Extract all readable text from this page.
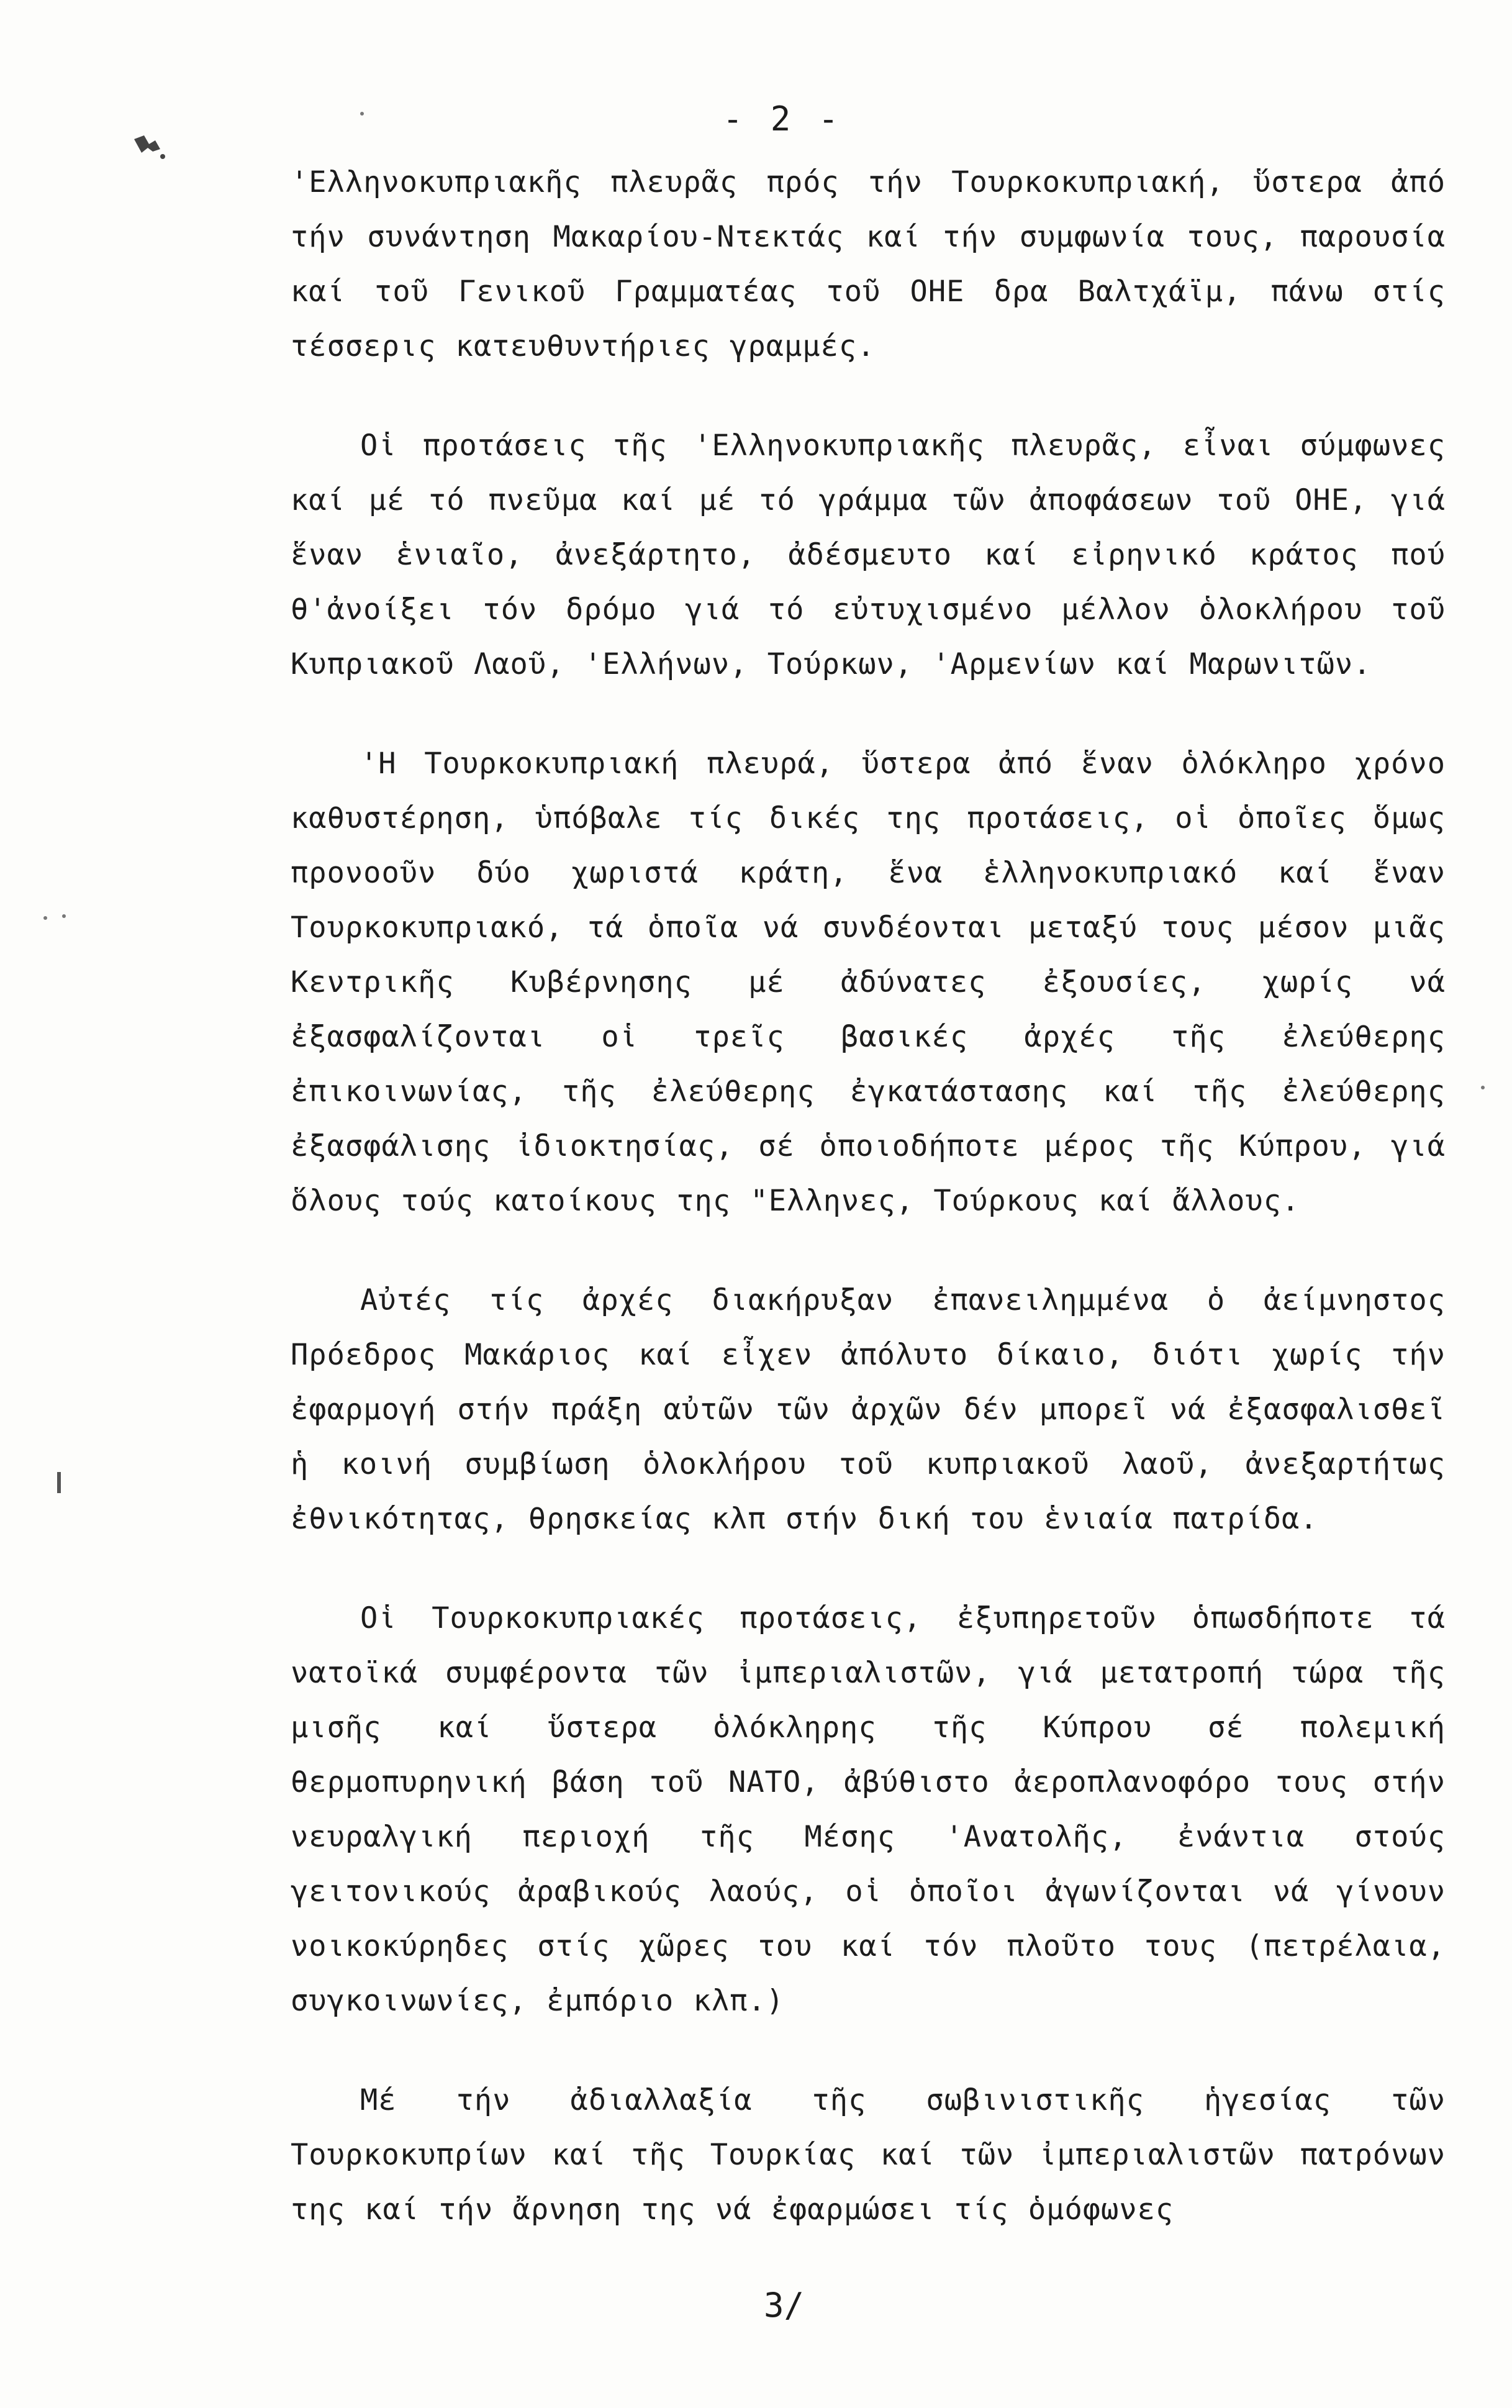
- 2 -

'Ελληνοκυπριακῆς πλευρᾶς πρός τήν Τουρκοκυπριακή, ὕστερα ἀπό τήν συνάντηση Μακαρίου-Ντεκτάς καί τήν συμφωνία τους, παρουσία καί τοῦ Γενικοῦ Γραμματέας τοῦ ΟΗΕ δρα Βαλτχάϊμ, πάνω στίς τέσσερις κατευθυντήριες γραμμές.

Οἱ προτάσεις τῆς 'Ελληνοκυπριακῆς πλευρᾶς, εἶναι σύμφωνες καί μέ τό πνεῦμα καί μέ τό γράμμα τῶν ἀποφάσεων τοῦ ΟΗΕ, γιά ἕναν ἑνιαῖο, ἀνεξάρτητο, ἀδέσμευτο καί εἰρηνικό κράτος πού θ'ἀνοίξει τόν δρόμο γιά τό εὐτυχισμένο μέλλον ὁλοκλήρου τοῦ Κυπριακοῦ Λαοῦ, 'Ελλήνων, Τούρκων, 'Αρμενίων καί Μαρωνιτῶν.

'Η Τουρκοκυπριακή πλευρά, ὕστερα ἀπό ἕναν ὁλόκληρο χρόνο καθυστέρηση, ὑπόβαλε τίς δικές της προτάσεις, οἱ ὁποῖες ὅμως προνοοῦν δύο χωριστά κράτη, ἕνα ἑλληνοκυπριακό καί ἕναν Τουρκοκυπριακό, τά ὁποῖα νά συνδέονται μεταξύ τους μέσον μιᾶς Κεντρικῆς Κυβέρνησης μέ ἀδύνατες ἐξουσίες, χωρίς νά ἐξασφαλίζονται οἱ τρεῖς βασικές ἀρχές τῆς ἐλεύθερης ἐπικοινωνίας, τῆς ἐλεύθερης ἐγκατάστασης καί τῆς ἐλεύθερης ἐξασφάλισης ἰδιοκτησίας, σέ ὁποιοδήποτε μέρος τῆς Κύπρου, γιά ὅλους τούς κατοίκους της "Ελληνες, Τούρκους καί ἄλλους.

Αὐτές τίς ἀρχές διακήρυξαν ἐπανειλημμένα ὁ ἀείμνηστος Πρόεδρος Μακάριος καί εἶχεν ἀπόλυτο δίκαιο, διότι χωρίς τήν ἐφαρμογή στήν πράξη αὐτῶν τῶν ἀρχῶν δέν μπορεῖ νά ἐξασφαλισθεῖ ἡ κοινή συμβίωση ὁλοκλήρου τοῦ κυπριακοῦ λαοῦ, ἀνεξαρτήτως ἐθνικότητας, θρησκείας κλπ στήν δική του ἑνιαία πατρίδα.

Οἱ Τουρκοκυπριακές προτάσεις, ἐξυπηρετοῦν ὁπωσδήποτε τά νατοϊκά συμφέροντα τῶν ἰμπεριαλιστῶν, γιά μετατροπή τώρα τῆς μισῆς καί ὕστερα ὁλόκληρης τῆς Κύπρου σέ πολεμική θερμοπυρηνική βάση τοῦ ΝΑΤΟ, ἀβύθιστο ἀεροπλανοφόρο τους στήν νευραλγική περιοχή τῆς Μέσης 'Ανατολῆς, ἐνάντια στούς γειτονικούς ἀραβικούς λαούς, οἱ ὁποῖοι ἀγωνίζονται νά γίνουν νοικοκύρηδες στίς χῶρες του καί τόν πλοῦτο τους (πετρέλαια, συγκοινωνίες, ἐμπόριο κλπ.)

Μέ τήν ἀδιαλλαξία τῆς σωβινιστικῆς ἡγεσίας τῶν Τουρκοκυπρίων καί τῆς Τουρκίας καί τῶν ἰμπεριαλιστῶν πατρόνων της καί τήν ἄρνηση της νά ἐφαρμώσει τίς ὁμόφωνες

3/
